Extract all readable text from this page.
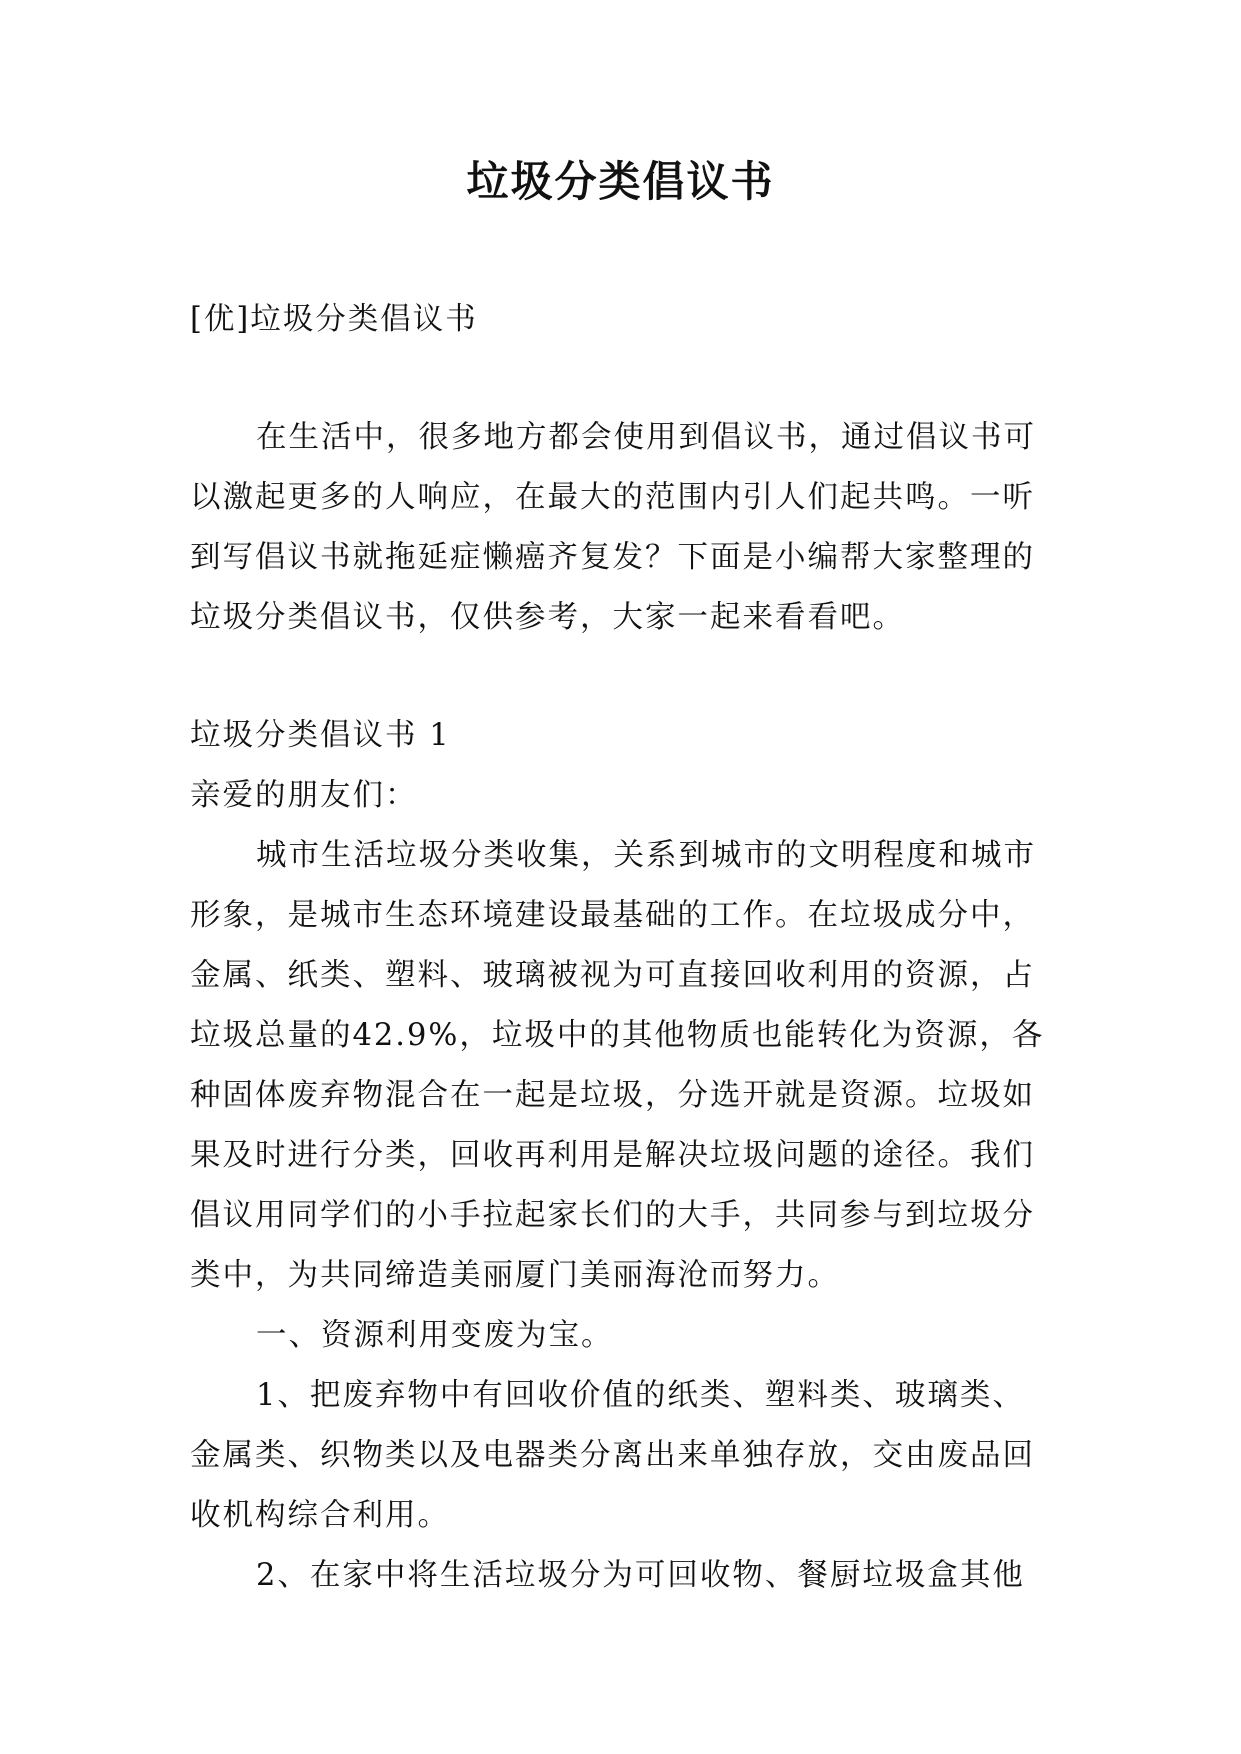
垃圾分类倡议书

[优]垃圾分类倡议书

在生活中，很多地方都会使用到倡议书，通过倡议书可以激起更多的人响应，在最大的范围内引人们起共鸣。一听到写倡议书就拖延症懒癌齐复发？下面是小编帮大家整理的垃圾分类倡议书，仅供参考，大家一起来看看吧。

垃圾分类倡议书 1

亲爱的朋友们：

城市生活垃圾分类收集，关系到城市的文明程度和城市形象，是城市生态环境建设最基础的工作。在垃圾成分中，金属、纸类、塑料、玻璃被视为可直接回收利用的资源，占垃圾总量的42.9%，垃圾中的其他物质也能转化为资源，各种固体废弃物混合在一起是垃圾，分选开就是资源。垃圾如果及时进行分类，回收再利用是解决垃圾问题的途径。我们倡议用同学们的小手拉起家长们的大手，共同参与到垃圾分类中，为共同缔造美丽厦门美丽海沧而努力。

一、资源利用变废为宝。

1、把废弃物中有回收价值的纸类、塑料类、玻璃类、金属类、织物类以及电器类分离出来单独存放，交由废品回收机构综合利用。

2、在家中将生活垃圾分为可回收物、餐厨垃圾盒其他
